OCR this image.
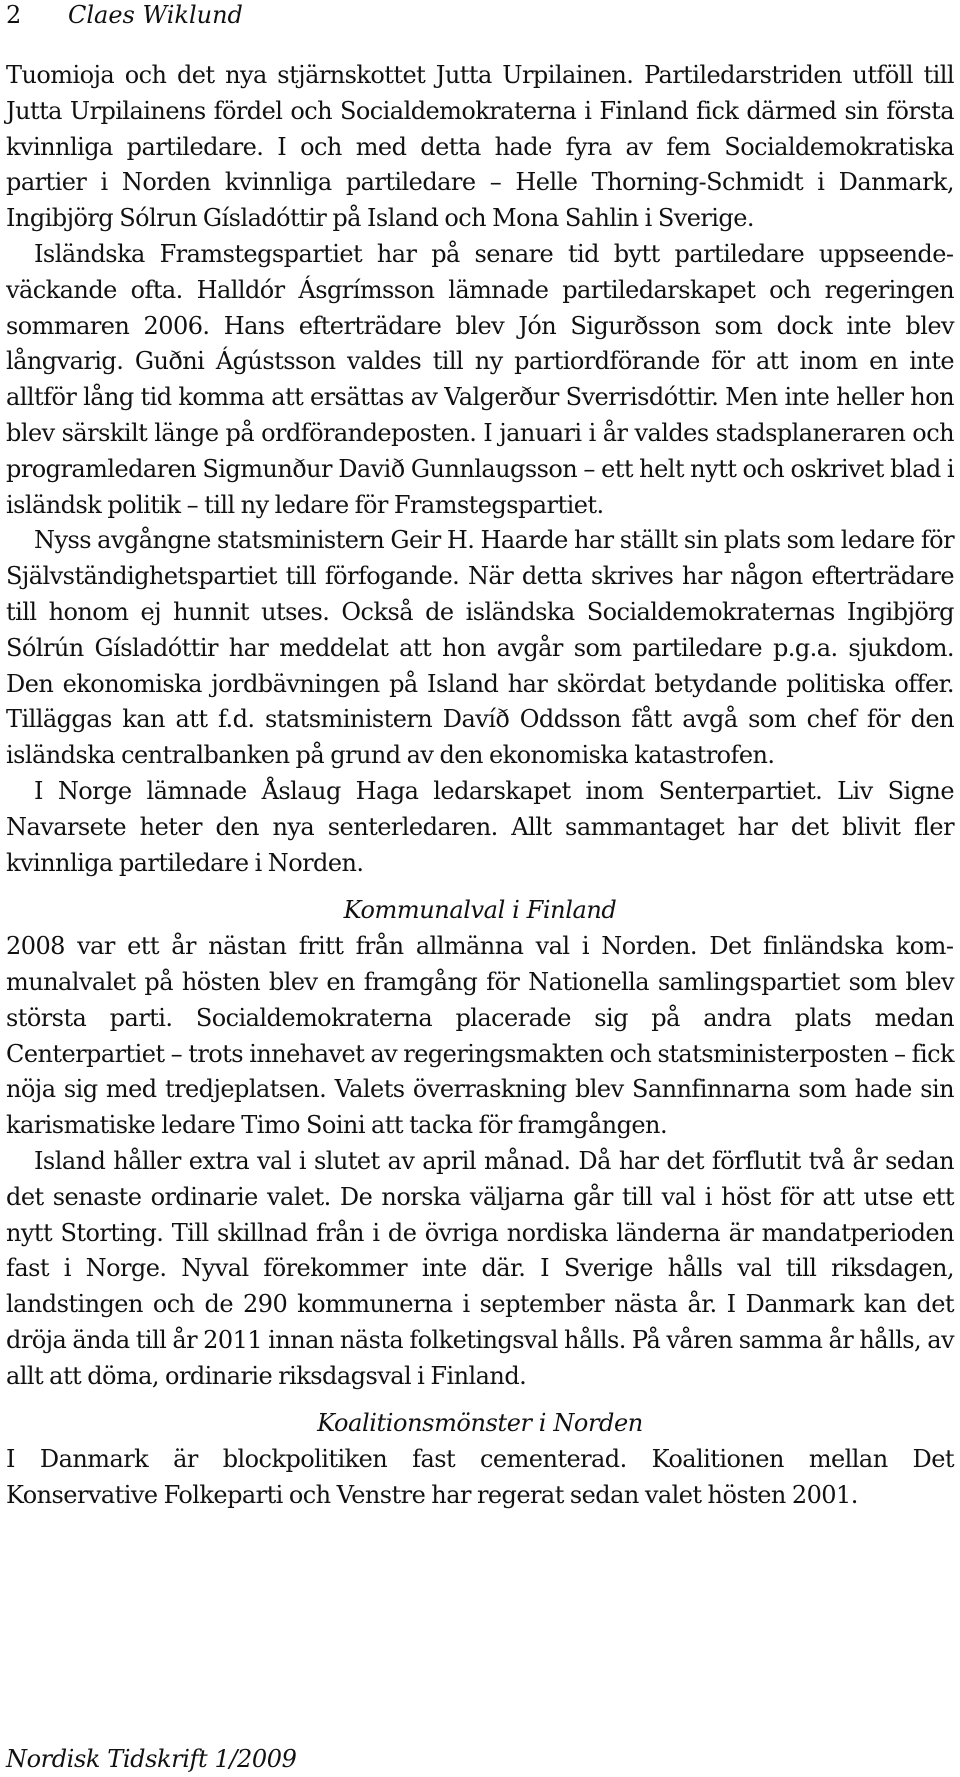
2 Claes Wiklund

Tuomioja och det nya stjärnskottet Jutta Urpilainen. Partiledarstriden utföll till Jutta Urpilainens fördel och Socialdemokraterna i Finland fick därmed sin första kvinnliga partiledare. I och med detta hade fyra av fem Socialdemokratiska partier i Norden kvinnliga partiledare – Helle Thorning-Schmidt i Danmark, Ingibjörg Sólrun Gísladóttir på Island och Mona Sahlin i Sverige.

Isländska Framstegspartiet har på senare tid bytt partiledare uppseendeväckande ofta. Halldór Ásgrímsson lämnade partiledarskapet och regeringen sommaren 2006. Hans efterträdare blev Jón Sigurðsson som dock inte blev långvarig. Guðni Ágústsson valdes till ny partiordförande för att inom en inte alltför lång tid komma att ersättas av Valgerður Sverrisdóttir. Men inte heller hon blev särskilt länge på ordförandeposten. I januari i år valdes stadsplaneraren och programledaren Sigmunður Davið Gunnlaugsson – ett helt nytt och oskrivet blad i isländsk politik – till ny ledare för Framstegspartiet.

Nyss avgångne statsministern Geir H. Haarde har ställt sin plats som ledare för Självständighetspartiet till förfogande. När detta skrives har någon efterträdare till honom ej hunnit utses. Också de isländska Socialdemokraternas Ingibjörg Sólrún Gísladóttir har meddelat att hon avgår som partiledare p.g.a. sjukdom. Den ekonomiska jordbävningen på Island har skördat betydande politiska offer. Tilläggas kan att f.d. statsministern Davíð Oddsson fått avgå som chef för den isländska centralbanken på grund av den ekonomiska katastrofen.

I Norge lämnade Åslaug Haga ledarskapet inom Senterpartiet. Liv Signe Navarsete heter den nya senterledaren. Allt sammantaget har det blivit fler kvinnliga partiledare i Norden.

Kommunalval i Finland

2008 var ett år nästan fritt från allmänna val i Norden. Det finländska kommunalvalet på hösten blev en framgång för Nationella samlingspartiet som blev största parti. Socialdemokraterna placerade sig på andra plats medan Centerpartiet – trots innehavet av regeringsmakten och statsministerposten – fick nöja sig med tredjeplatsen. Valets överraskning blev Sannfinnarna som hade sin karismatiske ledare Timo Soini att tacka för framgången.

Island håller extra val i slutet av april månad. Då har det förflutit två år sedan det senaste ordinarie valet. De norska väljarna går till val i höst för att utse ett nytt Storting. Till skillnad från i de övriga nordiska länderna är mandatperioden fast i Norge. Nyval förekommer inte där. I Sverige hålls val till riksdagen, landstingen och de 290 kommunerna i september nästa år. I Danmark kan det dröja ända till år 2011 innan nästa folketingsval hålls. På våren samma år hålls, av allt att döma, ordinarie riksdagsval i Finland.

Koalitionsmönster i Norden

I Danmark är blockpolitiken fast cementerad. Koalitionen mellan Det Konservative Folkeparti och Venstre har regerat sedan valet hösten 2001.

Nordisk Tidskrift 1/2009
